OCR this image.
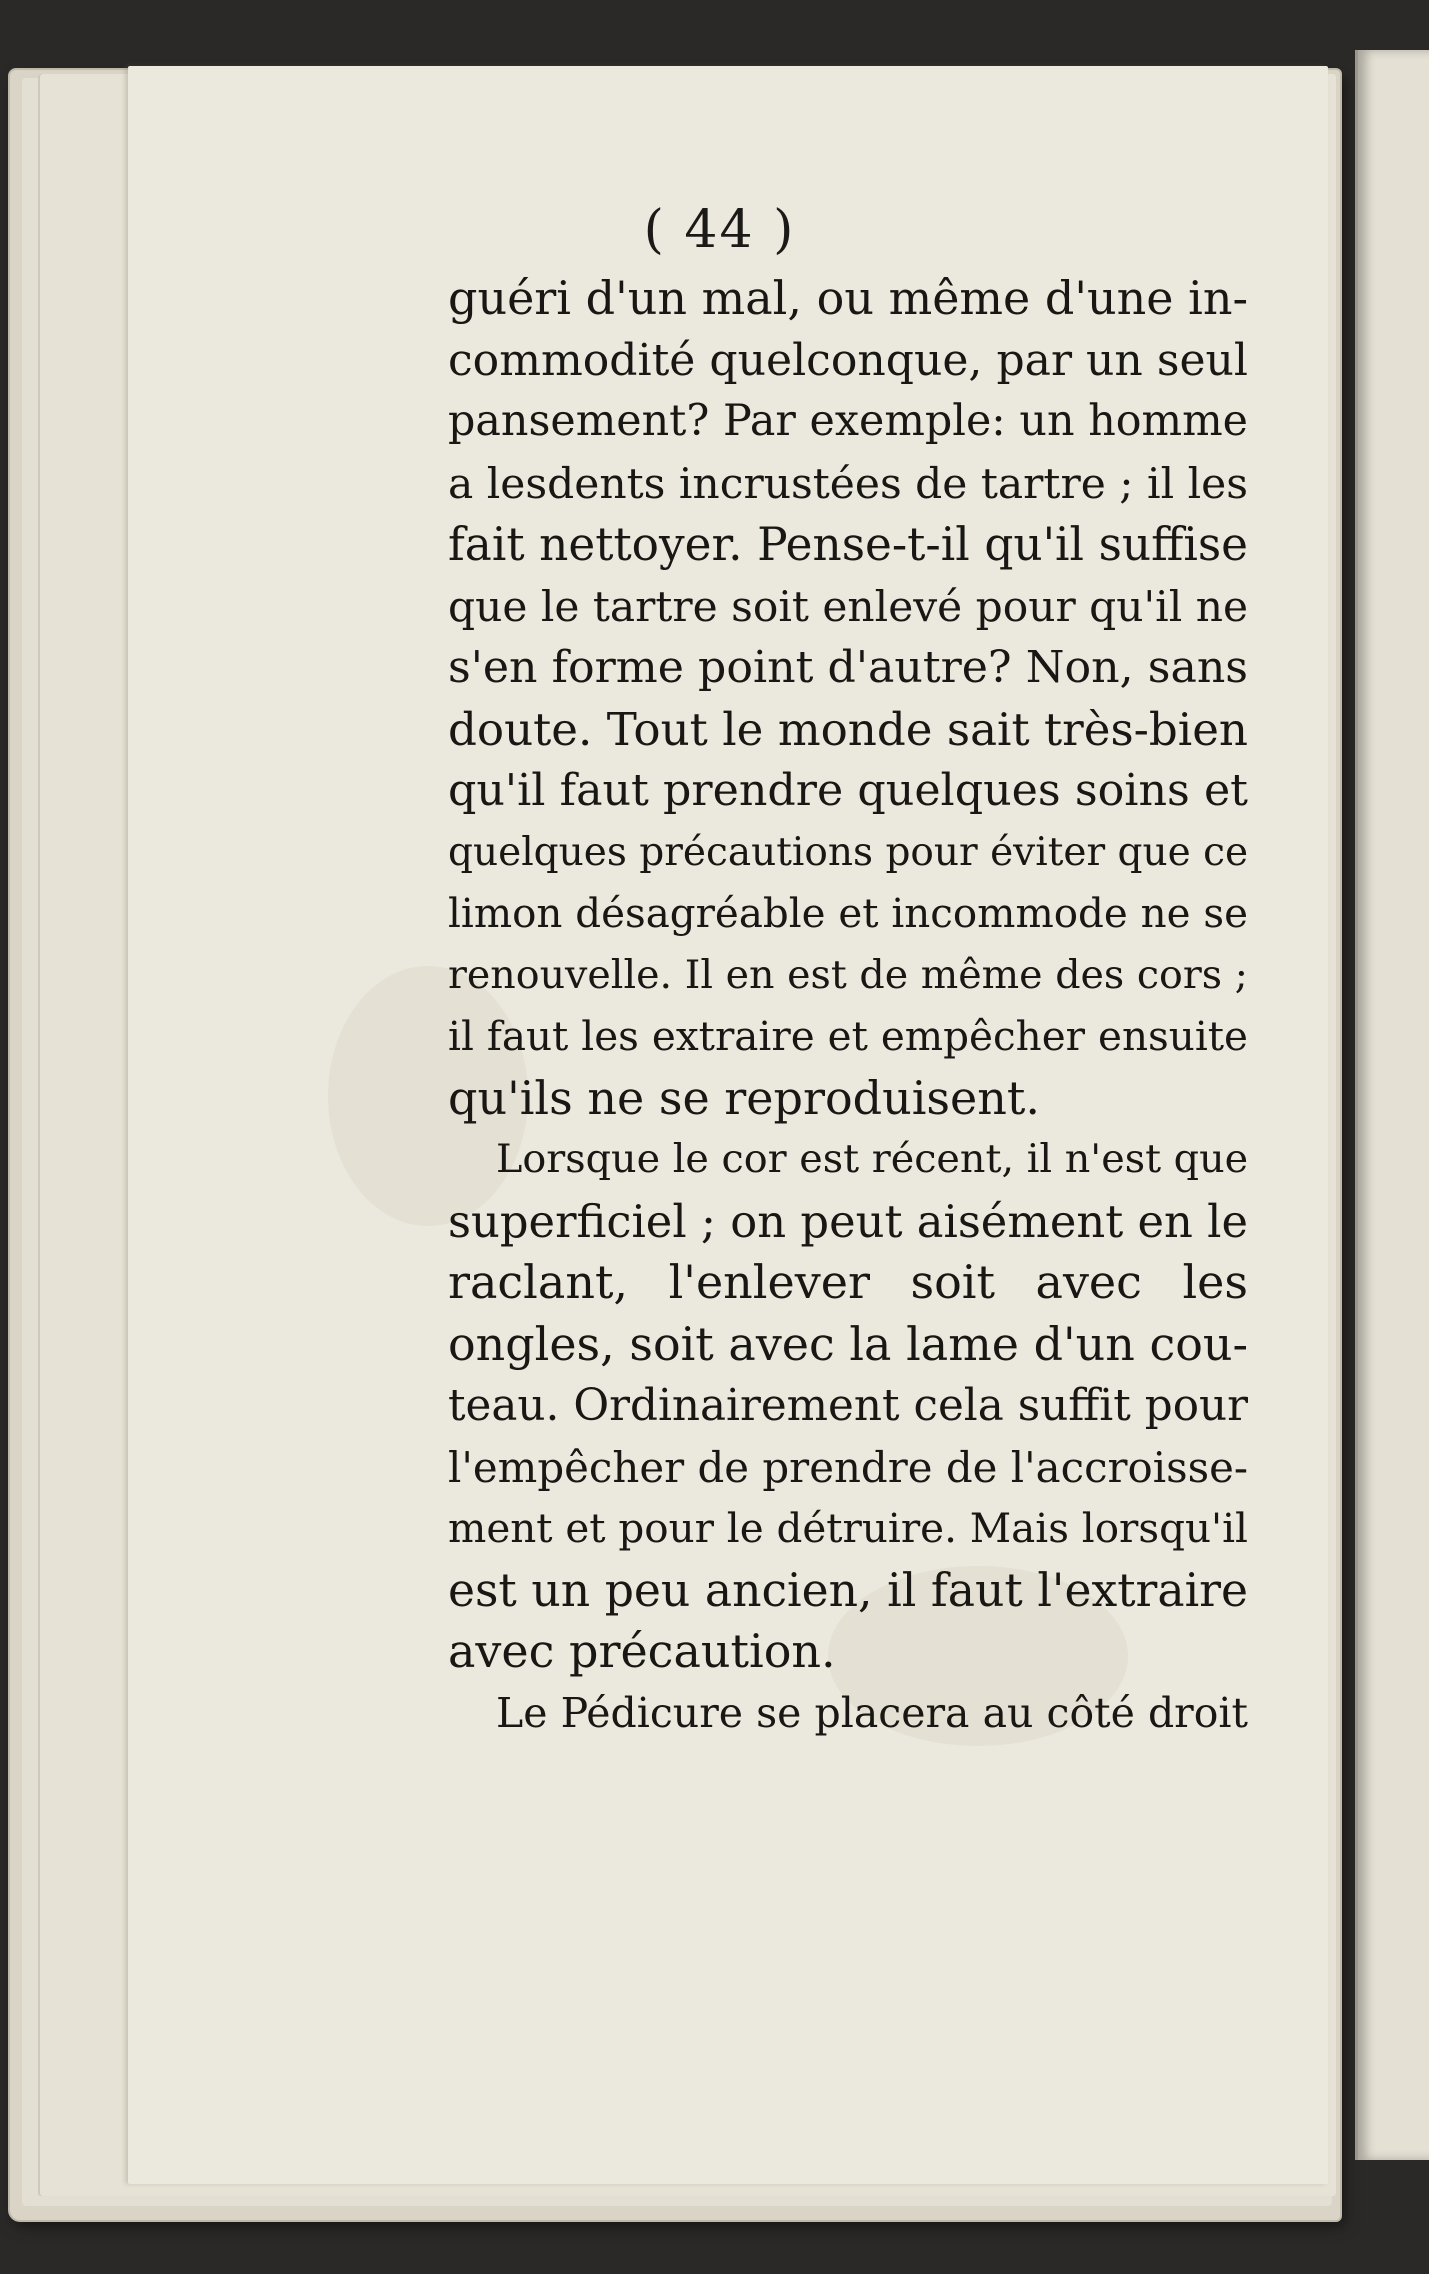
( 44 )
guéri d'un mal, ou même d'une in-
commodité quelconque, par un seul
pansement? Par exemple: un homme
a lesdents incrustées de tartre ; il les
fait nettoyer. Pense-t-il qu'il suffise
que le tartre soit enlevé pour qu'il ne
s'en forme point d'autre? Non, sans
doute. Tout le monde sait très-bien
qu'il faut prendre quelques soins et
quelques précautions pour éviter que ce
limon désagréable et incommode ne se
renouvelle. Il en est de même des cors ;
il faut les extraire et empêcher ensuite
qu'ils ne se reproduisent.
Lorsque le cor est récent, il n'est que
superficiel ; on peut aisément en le
raclant, l'enlever soit avec les
ongles, soit avec la lame d'un cou-
teau. Ordinairement cela suffit pour
l'empêcher de prendre de l'accroisse-
ment et pour le détruire. Mais lorsqu'il
est un peu ancien, il faut l'extraire
avec précaution.
Le Pédicure se placera au côté droit
